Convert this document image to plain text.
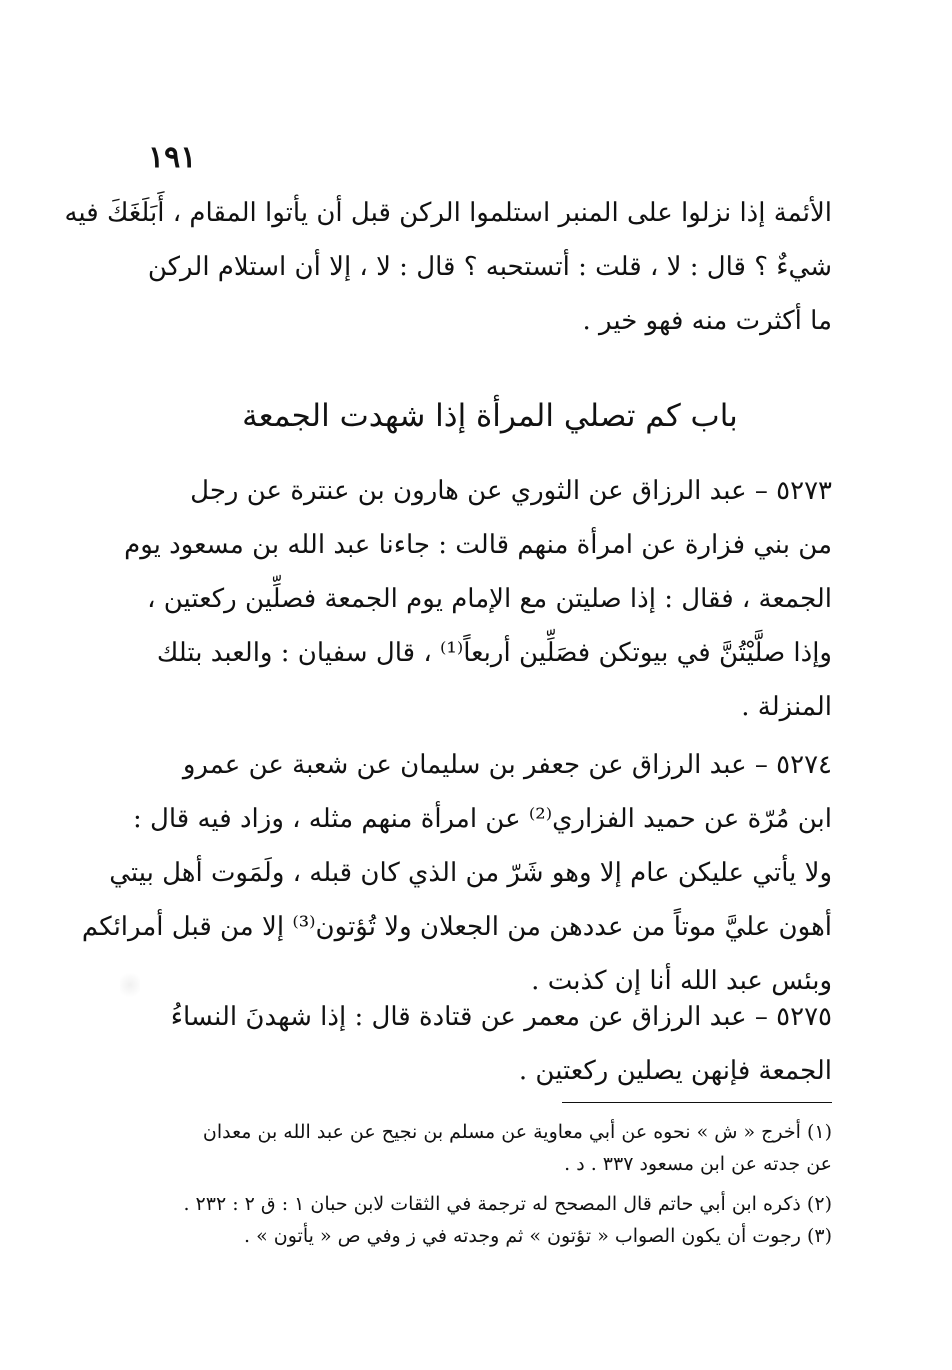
١٩١
الأئمة إذا نزلوا على المنبر استلموا الركن قبل أن يأتوا المقام ، أَبَلَغَكَ فيه
شيءٌ ؟ قال : لا ، قلت : أتستحبه ؟ قال : لا ، إلا أن استلام الركن
ما أكثرت منه فهو خير .
باب كم تصلي المرأة إذا شهدت الجمعة
٥٢٧٣ – عبد الرزاق عن الثوري عن هارون بن عنترة عن رجل
من بني فزارة عن امرأة منهم قالت : جاءنا عبد الله بن مسعود يوم
الجمعة ، فقال : إذا صليتن مع الإمام يوم الجمعة فصلِّين ركعتين ،
وإذا صلَّيْتُنَّ في بيوتكن فصَلِّين أربعاً⁽¹⁾ ، قال سفيان : والعبد بتلك
المنزلة .
٥٢٧٤ – عبد الرزاق عن جعفر بن سليمان عن شعبة عن عمرو
ابن مُرّة عن حميد الفزاري⁽²⁾ عن امرأة منهم مثله ، وزاد فيه قال :
ولا يأتي عليكن عام إلا وهو شَرّ من الذي كان قبله ، ولَمَوت أهل بيتي
أهون عليَّ موتاً من عددهن من الجعلان ولا تُؤتون⁽³⁾ إلا من قبل أمرائكم
وبئس عبد الله أنا إن كذبت .
٥٢٧٥ – عبد الرزاق عن معمر عن قتادة قال : إذا شهدنَ النساءُ
الجمعة فإنهن يصلين ركعتين .
(١) أخرج « ش » نحوه عن أبي معاوية عن مسلم بن نجيح عن عبد الله بن معدان
عن جدته عن ابن مسعود ٣٣٧ . د .
(٢) ذكره ابن أبي حاتم قال المصحح له ترجمة في الثقات لابن حبان ١ : ق ٢ : ٢٣٢ .
(٣) رجوت أن يكون الصواب « تؤتون » ثم وجدته في ز وفي ص « يأتون » .
